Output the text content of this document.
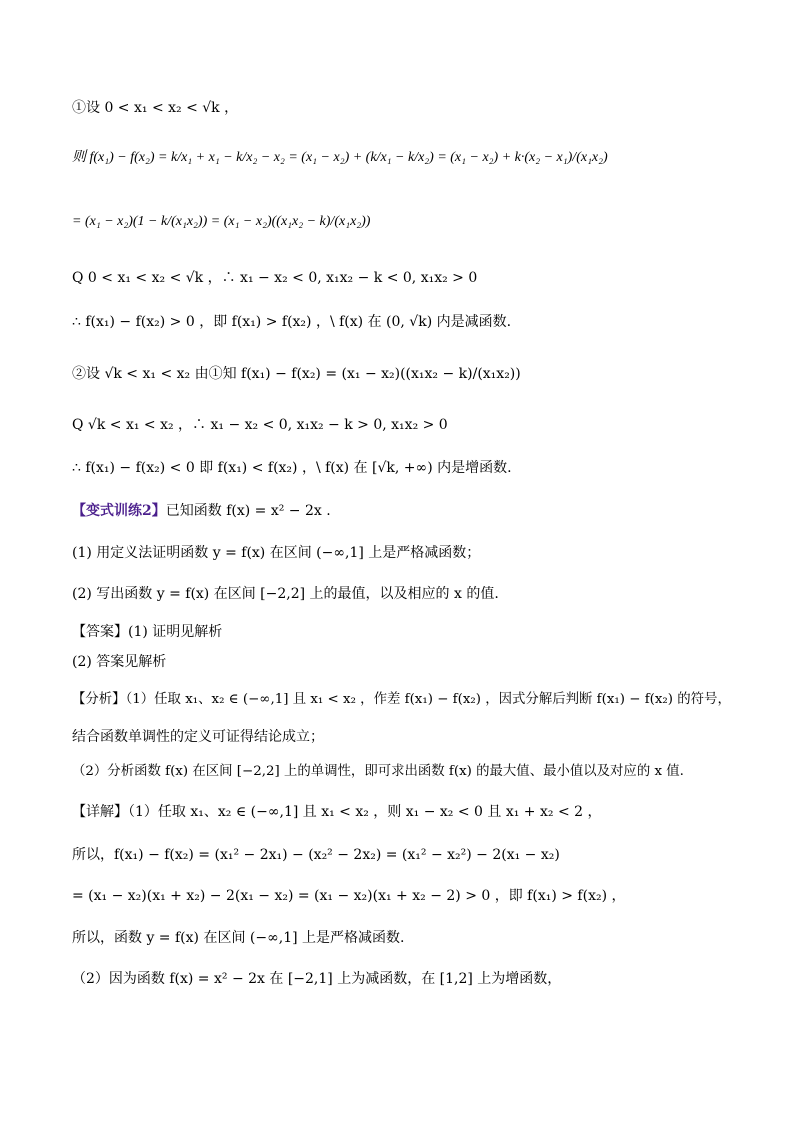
①设 0 < x₁ < x₂ < √k ，
则 f(x₁) − f(x₂) = k/x₁ + x₁ − k/x₂ − x₂ = (x₁ − x₂) + (k/x₁ − k/x₂) = (x₁ − x₂) + k·(x₂ − x₁)/(x₁x₂)
= (x₁ − x₂)(1 − k/(x₁x₂)) = (x₁ − x₂)((x₁x₂ − k)/(x₁x₂))
Q 0 < x₁ < x₂ < √k ，∴ x₁ − x₂ < 0, x₁x₂ − k < 0, x₁x₂ > 0
∴ f(x₁) − f(x₂) > 0 ，即 f(x₁) > f(x₂) ，\ f(x) 在 (0, √k) 内是减函数.
②设 √k < x₁ < x₂ 由①知 f(x₁) − f(x₂) = (x₁ − x₂)((x₁x₂ − k)/(x₁x₂))
Q √k < x₁ < x₂ ，∴ x₁ − x₂ < 0, x₁x₂ − k > 0, x₁x₂ > 0
∴ f(x₁) − f(x₂) < 0 即 f(x₁) < f(x₂) ，\ f(x) 在 [√k, +∞) 内是增函数.
【变式训练2】已知函数 f(x) = x² − 2x .
(1) 用定义法证明函数 y = f(x) 在区间 (−∞,1] 上是严格减函数；
(2) 写出函数 y = f(x) 在区间 [−2,2] 上的最值，以及相应的 x 的值.
【答案】(1) 证明见解析
(2) 答案见解析
【分析】（1）任取 x₁、x₂ ∈ (−∞,1] 且 x₁ < x₂ ，作差 f(x₁) − f(x₂) ，因式分解后判断 f(x₁) − f(x₂) 的符号，
结合函数单调性的定义可证得结论成立；
（2）分析函数 f(x) 在区间 [−2,2] 上的单调性，即可求出函数 f(x) 的最大值、最小值以及对应的 x 值.
【详解】（1）任取 x₁、x₂ ∈ (−∞,1] 且 x₁ < x₂ ，则 x₁ − x₂ < 0 且 x₁ + x₂ < 2 ，
所以，f(x₁) − f(x₂) = (x₁² − 2x₁) − (x₂² − 2x₂) = (x₁² − x₂²) − 2(x₁ − x₂)
= (x₁ − x₂)(x₁ + x₂) − 2(x₁ − x₂) = (x₁ − x₂)(x₁ + x₂ − 2) > 0 ，即 f(x₁) > f(x₂) ，
所以，函数 y = f(x) 在区间 (−∞,1] 上是严格减函数.
（2）因为函数 f(x) = x² − 2x 在 [−2,1] 上为减函数，在 [1,2] 上为增函数，
